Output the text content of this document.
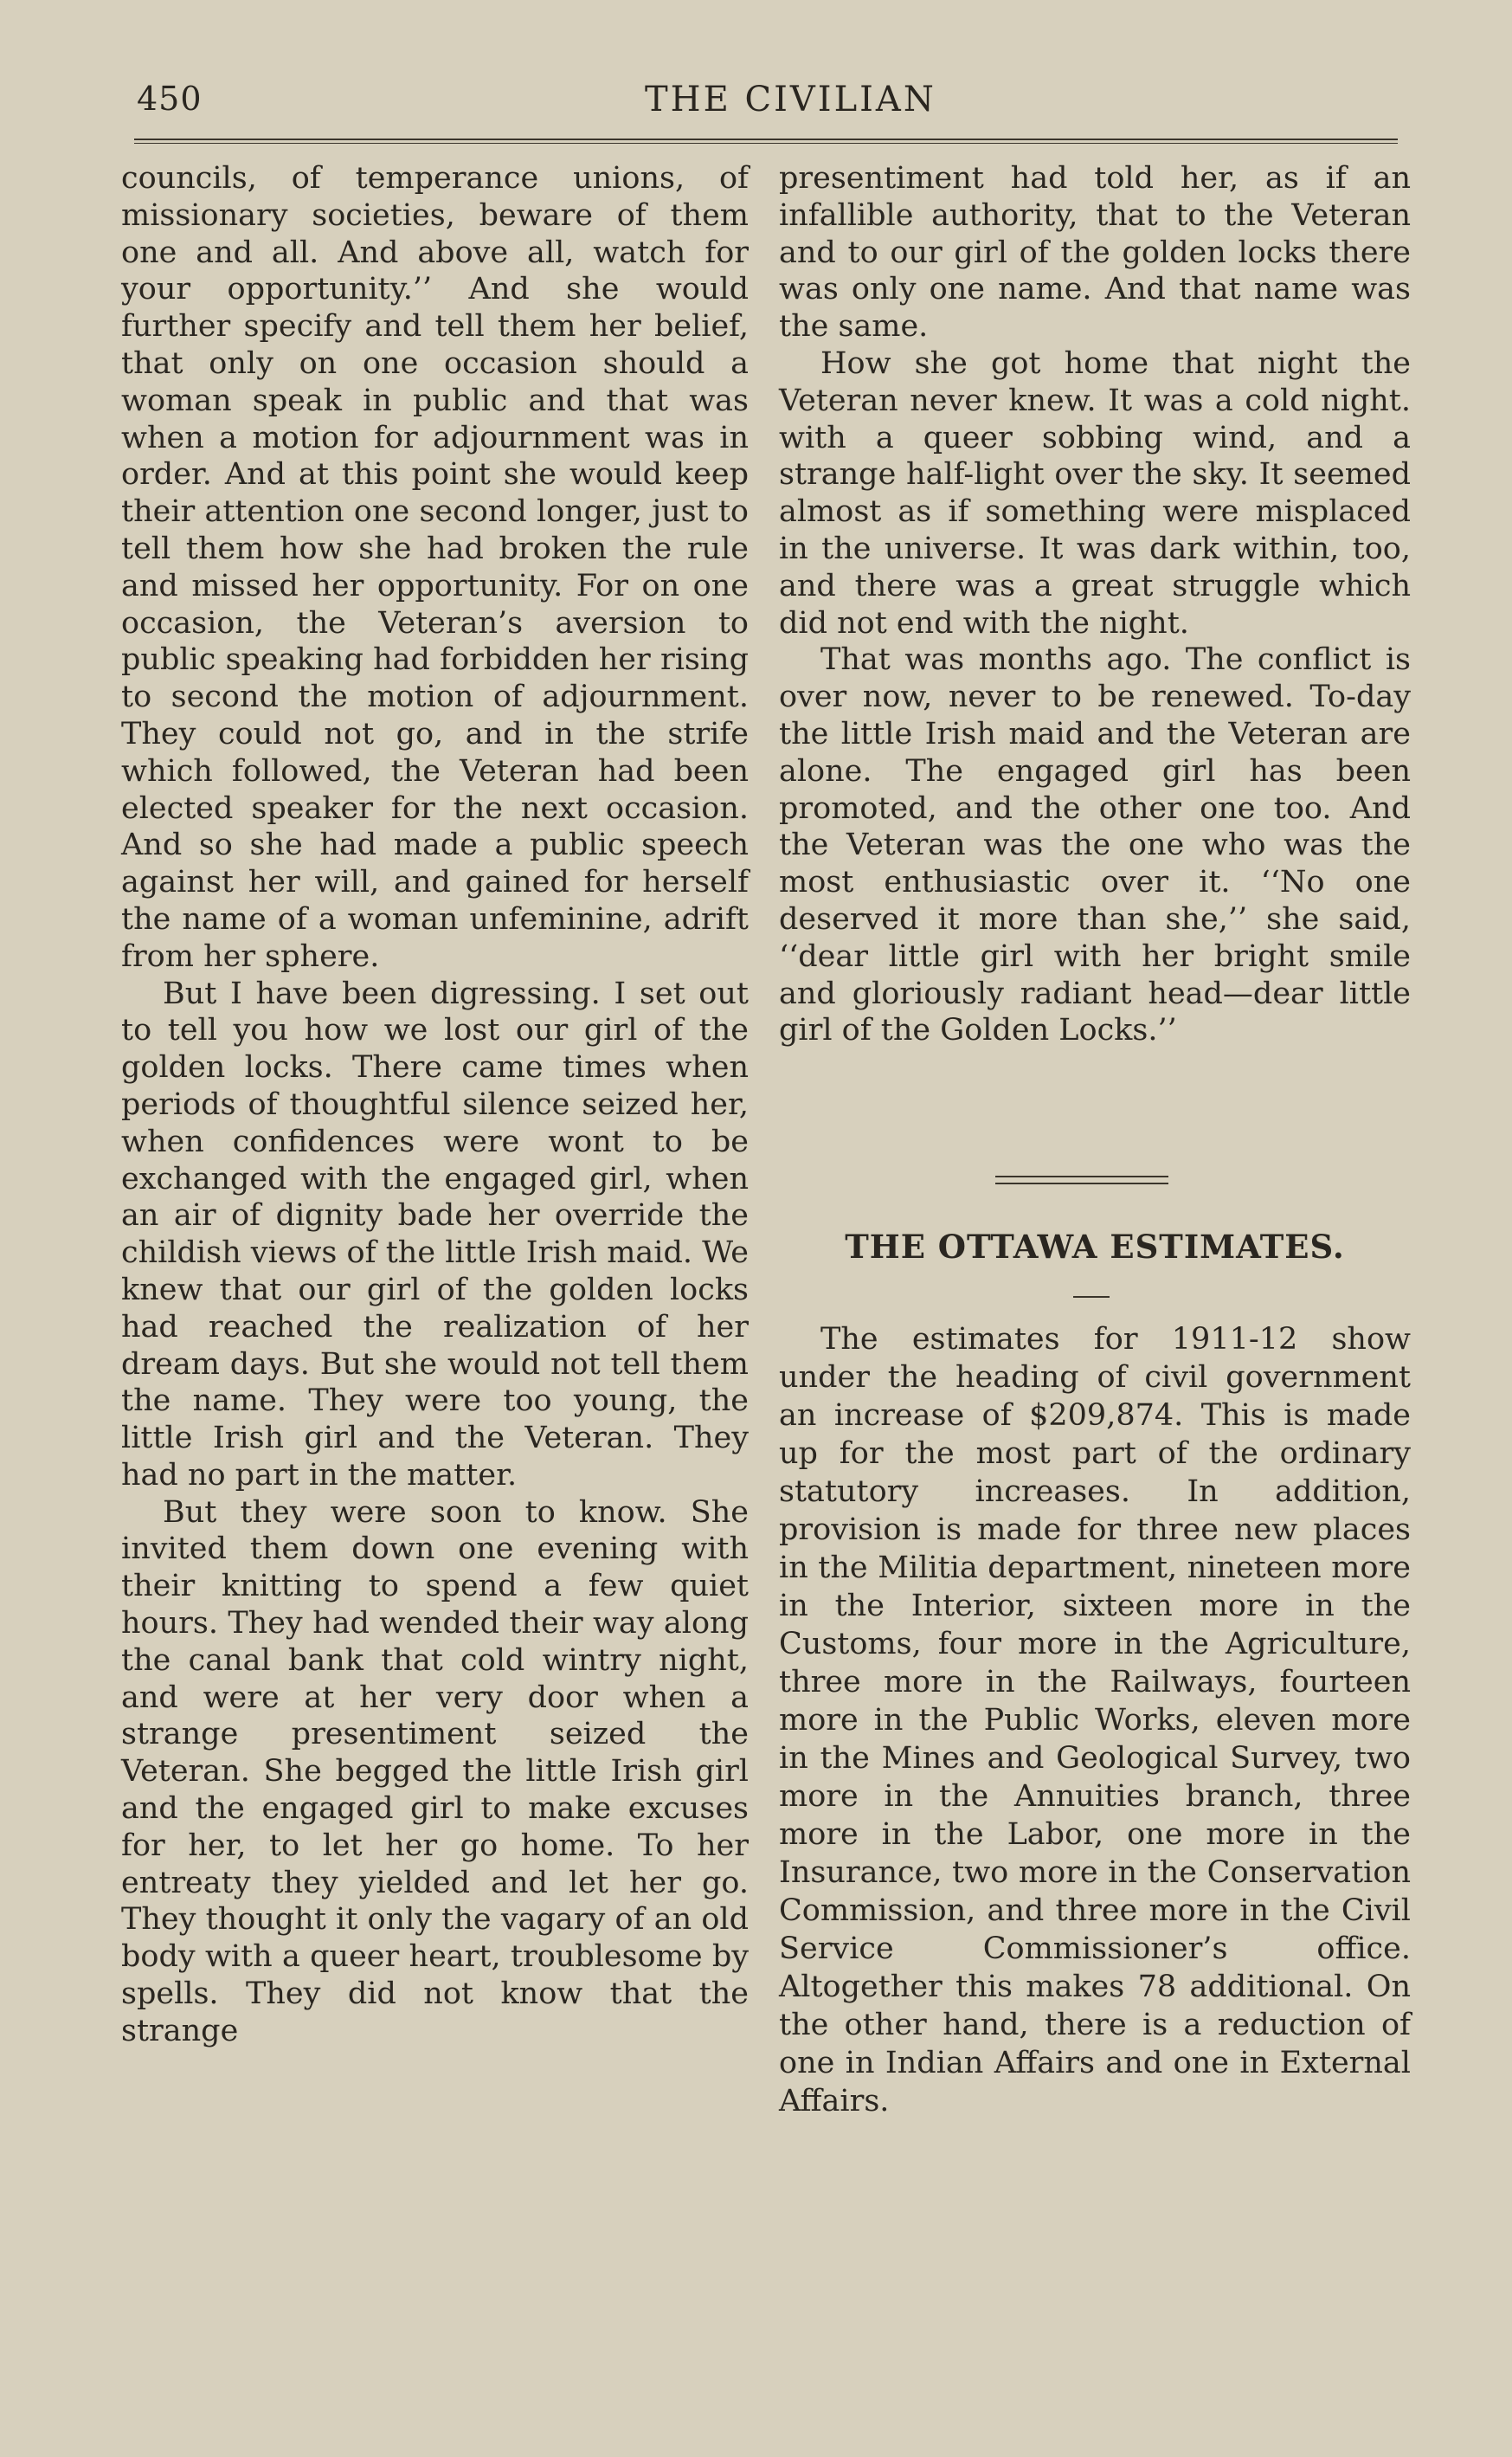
450	THE CIVILIAN

councils, of temperance unions, of missionary societies, beware of them one and all. And above all, watch for your opportunity.’’ And she would further specify and tell them her belief, that only on one occasion should a woman speak in public and that was when a motion for adjournment was in order. And at this point she would keep their attention one second longer, just to tell them how she had broken the rule and missed her opportunity. For on one occasion, the Veteran’s aversion to public speaking had forbidden her rising to second the motion of adjournment. They could not go, and in the strife which followed, the Veteran had been elected speaker for the next occasion. And so she had made a public speech against her will, and gained for herself the name of a woman unfeminine, adrift from her sphere.

But I have been digressing. I set out to tell you how we lost our girl of the golden locks. There came times when periods of thoughtful silence seized her, when confidences were wont to be exchanged with the engaged girl, when an air of dignity bade her override the childish views of the little Irish maid. We knew that our girl of the golden locks had reached the realization of her dream days. But she would not tell them the name. They were too young, the little Irish girl and the Veteran. They had no part in the matter.

But they were soon to know. She invited them down one evening with their knitting to spend a few quiet hours. They had wended their way along the canal bank that cold wintry night, and were at her very door when a strange presentiment seized the Veteran. She begged the little Irish girl and the engaged girl to make excuses for her, to let her go home. To her entreaty they yielded and let her go. They thought it only the vagary of an old body with a queer heart, troublesome by spells. They did not know that the strange

presentiment had told her, as if an infallible authority, that to the Veteran and to our girl of the golden locks there was only one name. And that name was the same.

How she got home that night the Veteran never knew. It was a cold night. with a queer sobbing wind, and a strange half-light over the sky. It seemed almost as if something were misplaced in the universe. It was dark within, too, and there was a great struggle which did not end with the night.

That was months ago. The conflict is over now, never to be renewed. To-day the little Irish maid and the Veteran are alone. The engaged girl has been promoted, and the other one too. And the Veteran was the one who was the most enthusiastic over it. ‘‘No one deserved it more than she,’’ she said, ‘‘dear little girl with her bright smile and gloriously radiant head—dear little girl of the Golden Locks.’’

THE OTTAWA ESTIMATES.

The estimates for 1911-12 show under the heading of civil government an increase of $209,874. This is made up for the most part of the ordinary statutory increases. In addition, provision is made for three new places in the Militia department, nineteen more in the Interior, sixteen more in the Customs, four more in the Agriculture, three more in the Railways, fourteen more in the Public Works, eleven more in the Mines and Geological Survey, two more in the Annuities branch, three more in the Labor, one more in the Insurance, two more in the Conservation Commission, and three more in the Civil Service Commissioner’s office. Altogether this makes 78 additional. On the other hand, there is a reduction of one in Indian Affairs and one in External Affairs.
